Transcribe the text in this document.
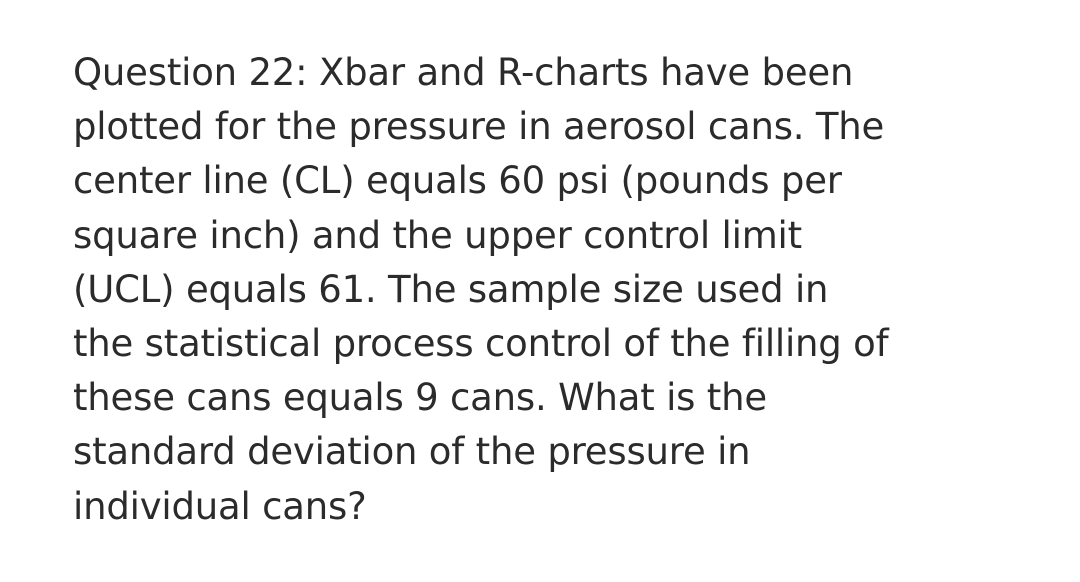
Question 22: Xbar and R-charts have been
plotted for the pressure in aerosol cans. The
center line (CL) equals 60 psi (pounds per
square inch) and the upper control limit
(UCL) equals 61. The sample size used in
the statistical process control of the filling of
these cans equals 9 cans. What is the
standard deviation of the pressure in
individual cans?
